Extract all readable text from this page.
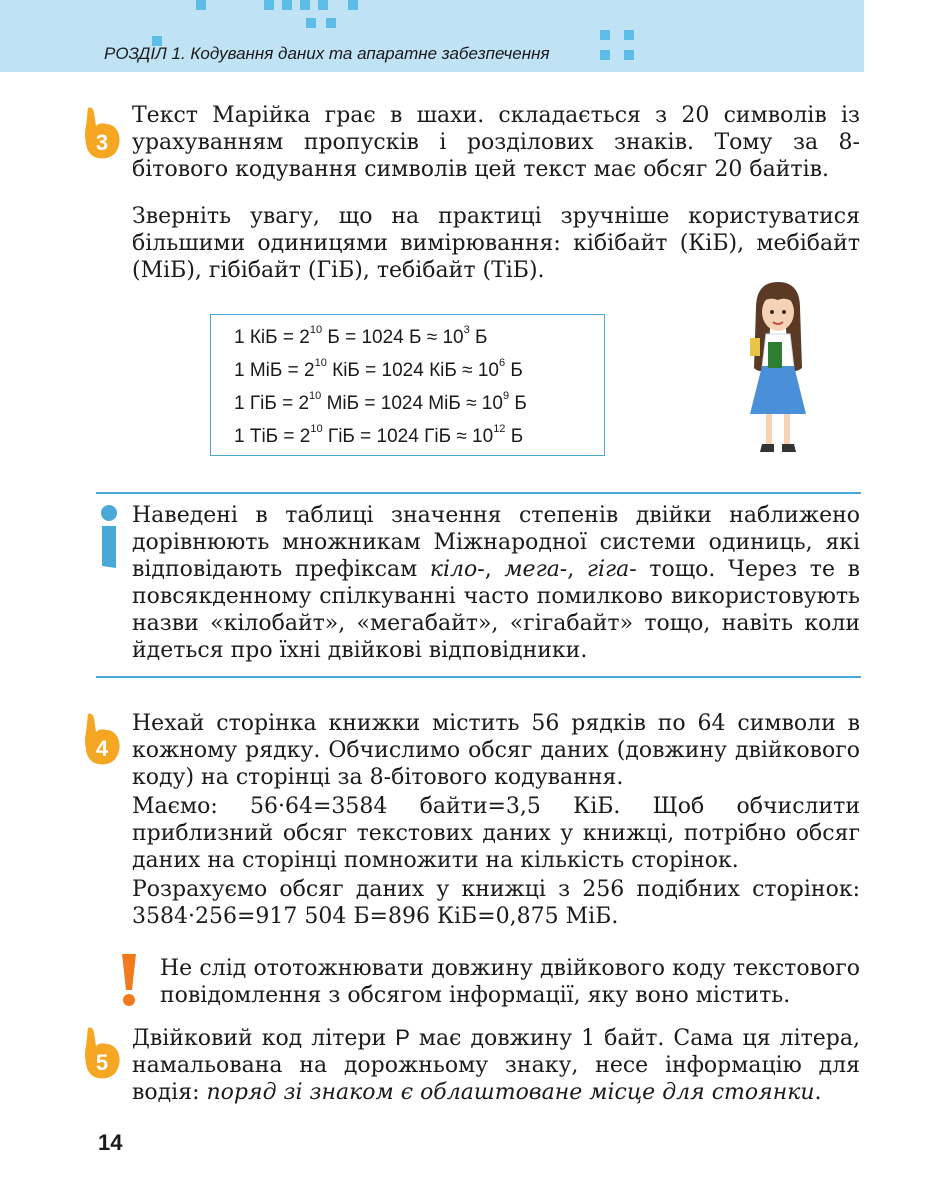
РОЗДІЛ 1. Кодування даних та апаратне забезпечення
3

Текст Марійка грає в шахи. складається з 20 символів із урахуванням пропусків і розділових знаків. Тому за 8-бітового кодування символів цей текст має обсяг 20 байтів.

Зверніть увагу, що на практиці зручніше користуватися більшими одиницями вимірювання: кібібайт (КіБ), мебібайт (МіБ), гібібайт (ГіБ), тебібайт (ТіБ).

1 КіБ = $2^{10}$ Б = 1024 $Б \approx 10^3$ Б
1 МіБ = $2^{10}$ КіБ = 1024 КіБ ≈ $10^6$ Б
1 ГіБ = $2^{10}$ МіБ = 1024 МіБ ≈ $10^9$ Б
1 ТіБ = $2^{10}$ ГіБ = 1024 ГіБ ≈ $10^{12}$ Б

Наведені в таблиці значення степенів двійки наближено дорівнюють множникам Міжнародної системи одиниць, які відповідають префіксам кіло-, мега-, гіга- тощо. Через те в повсякденному спілкуванні часто помилково використовують назви «кілобайт», «мегабайт», «гігабайт» тощо, навіть коли йдеться про їхні двійкові відповідники.

4

Нехай сторінка книжки містить 56 рядків по 64 символи в кожному рядку. Обчислимо обсяг даних (довжину двійкового коду) на сторінці за 8-бітового кодування.

Маємо: 56·64=3584 байти=3,5 КіБ. Щоб обчислити приблизний обсяг текстових даних у книжці, потрібно обсяг даних на сторінці помножити на кількість сторінок.

Розрахуємо обсяг даних у книжці з 256 подібних сторінок: 3584·256=917 504 Б=896 КіБ=0,875 МіБ.

Не слід ототожнювати довжину двійкового коду текстового повідомлення з обсягом інформації, яку воно містить.

5

Двійковий код літери P має довжину 1 байт. Сама ця літера, намальована на дорожньому знаку, несе інформацію для водія: поряд зі знаком є облаштоване місце для стоянки.

14
